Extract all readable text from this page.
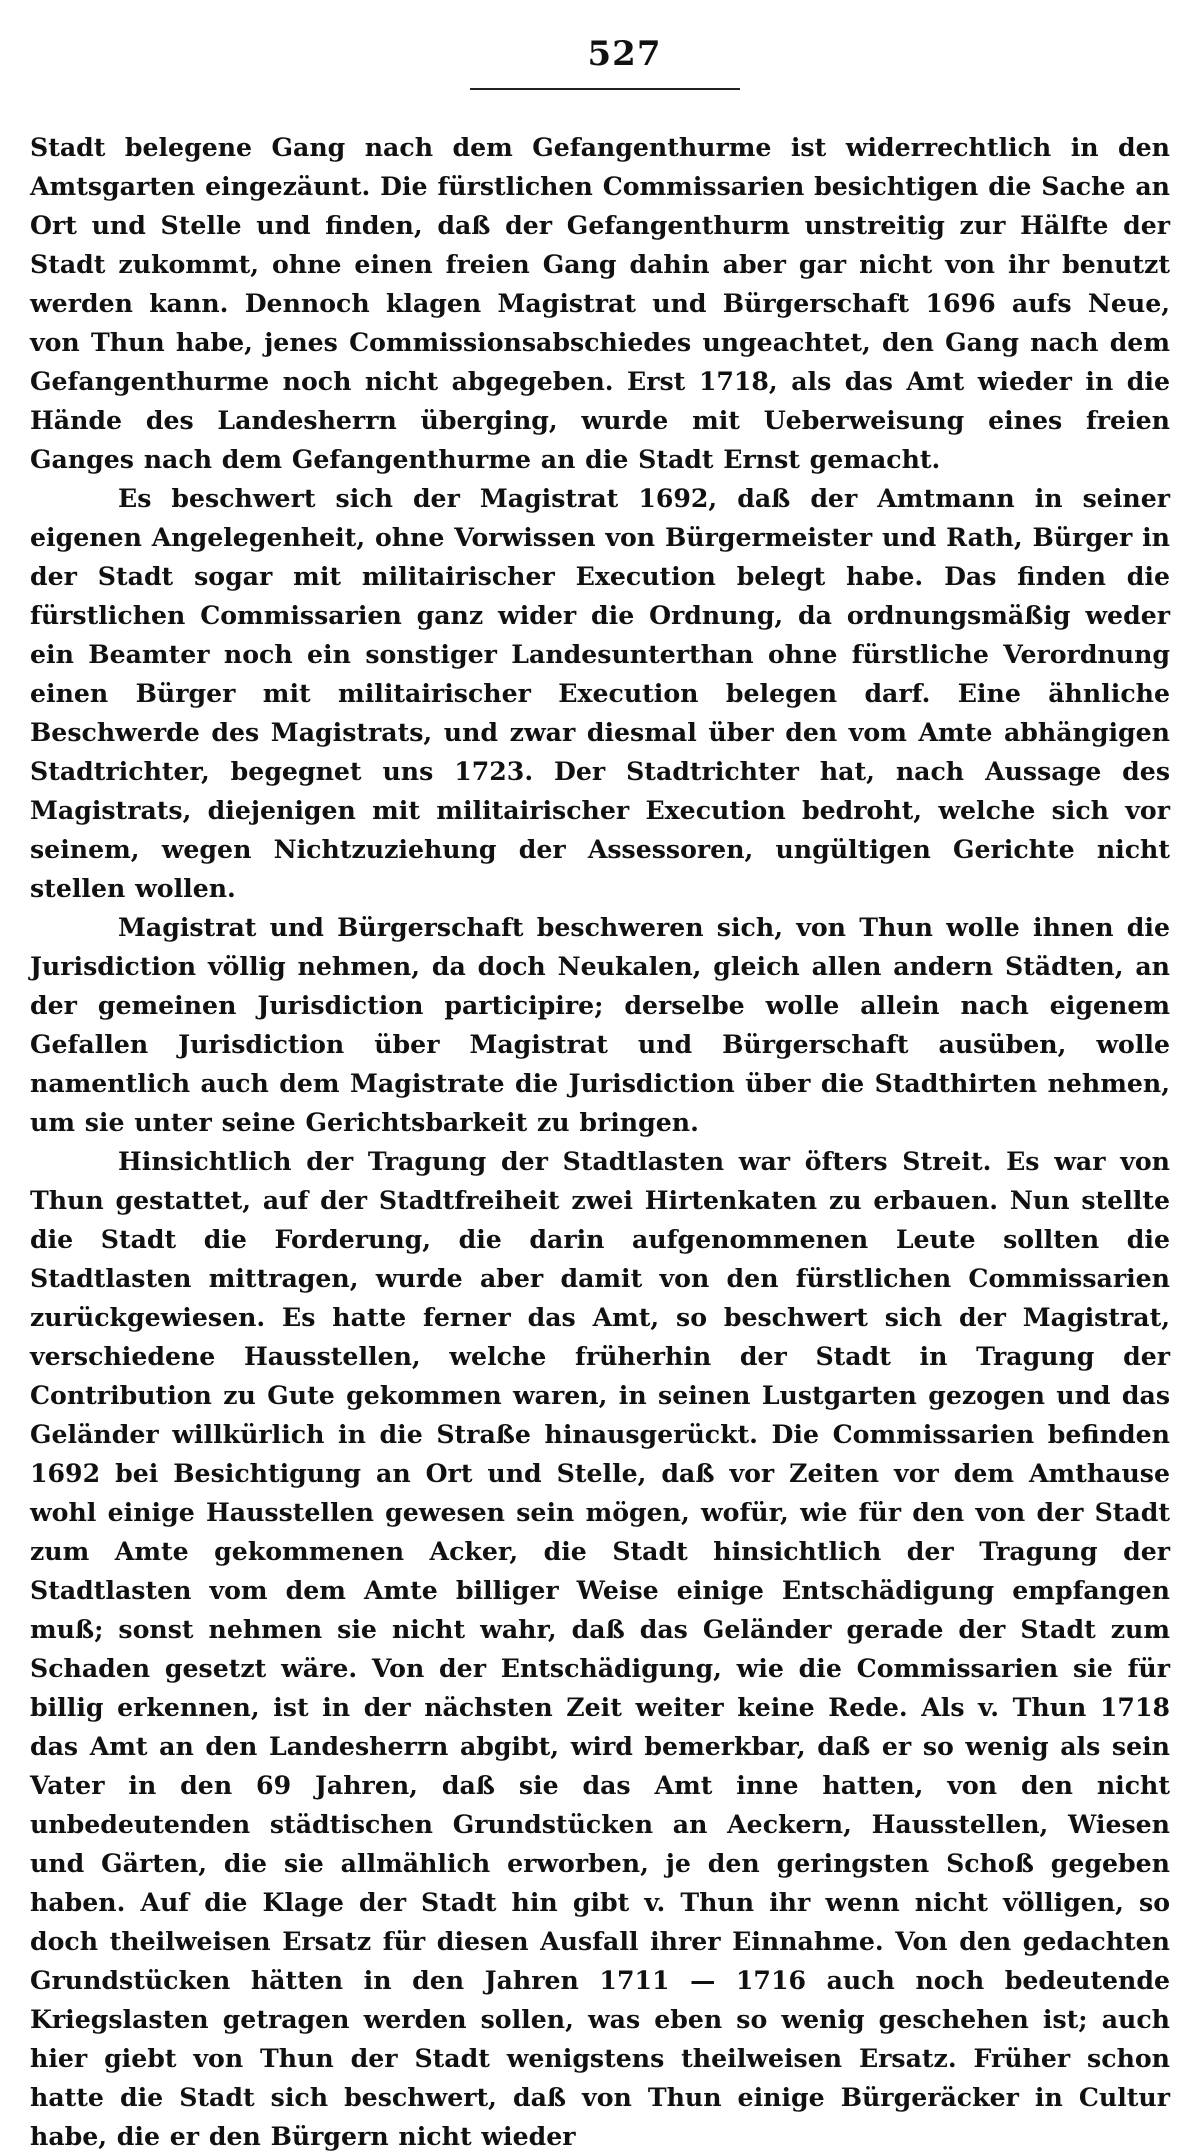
527

Stadt belegene Gang nach dem Gefangenthurme ist widerrechtlich in den Amtsgarten eingezäunt. Die fürstlichen Commissarien besichtigen die Sache an Ort und Stelle und finden, daß der Gefangenthurm unstreitig zur Hälfte der Stadt zukommt, ohne einen freien Gang dahin aber gar nicht von ihr benutzt werden kann. Dennoch klagen Magistrat und Bürgerschaft 1696 aufs Neue, von Thun habe, jenes Commissionsabschiedes ungeachtet, den Gang nach dem Gefangenthurme noch nicht abgegeben. Erst 1718, als das Amt wieder in die Hände des Landesherrn überging, wurde mit Ueberweisung eines freien Ganges nach dem Gefangenthurme an die Stadt Ernst gemacht.

Es beschwert sich der Magistrat 1692, daß der Amtmann in seiner eigenen Angelegenheit, ohne Vorwissen von Bürgermeister und Rath, Bürger in der Stadt sogar mit militairischer Execution belegt habe. Das finden die fürstlichen Commissarien ganz wider die Ordnung, da ordnungsmäßig weder ein Beamter noch ein sonstiger Landesunterthan ohne fürstliche Verordnung einen Bürger mit militairischer Execution belegen darf. Eine ähnliche Beschwerde des Magistrats, und zwar diesmal über den vom Amte abhängigen Stadtrichter, begegnet uns 1723. Der Stadtrichter hat, nach Aussage des Magistrats, diejenigen mit militairischer Execution bedroht, welche sich vor seinem, wegen Nichtzuziehung der Assessoren, ungültigen Gerichte nicht stellen wollen.

Magistrat und Bürgerschaft beschweren sich, von Thun wolle ihnen die Jurisdiction völlig nehmen, da doch Neukalen, gleich allen andern Städten, an der gemeinen Jurisdiction participire; derselbe wolle allein nach eigenem Gefallen Jurisdiction über Magistrat und Bürgerschaft ausüben, wolle namentlich auch dem Magistrate die Jurisdiction über die Stadthirten nehmen, um sie unter seine Gerichtsbarkeit zu bringen.

Hinsichtlich der Tragung der Stadtlasten war öfters Streit. Es war von Thun gestattet, auf der Stadtfreiheit zwei Hirtenkaten zu erbauen. Nun stellte die Stadt die Forderung, die darin aufgenommenen Leute sollten die Stadtlasten mittragen, wurde aber damit von den fürstlichen Commissarien zurückgewiesen. Es hatte ferner das Amt, so beschwert sich der Magistrat, verschiedene Hausstellen, welche früherhin der Stadt in Tragung der Contribution zu Gute gekommen waren, in seinen Lustgarten gezogen und das Geländer willkürlich in die Straße hinausgerückt. Die Commissarien befinden 1692 bei Besichtigung an Ort und Stelle, daß vor Zeiten vor dem Amthause wohl einige Hausstellen gewesen sein mögen, wofür, wie für den von der Stadt zum Amte gekommenen Acker, die Stadt hinsichtlich der Tragung der Stadtlasten vom dem Amte billiger Weise einige Entschädigung empfangen muß; sonst nehmen sie nicht wahr, daß das Geländer gerade der Stadt zum Schaden gesetzt wäre. Von der Entschädigung, wie die Commissarien sie für billig erkennen, ist in der nächsten Zeit weiter keine Rede. Als v. Thun 1718 das Amt an den Landesherrn abgibt, wird bemerkbar, daß er so wenig als sein Vater in den 69 Jahren, daß sie das Amt inne hatten, von den nicht unbedeutenden städtischen Grundstücken an Aeckern, Hausstellen, Wiesen und Gärten, die sie allmählich erworben, je den geringsten Schoß gegeben haben. Auf die Klage der Stadt hin gibt v. Thun ihr wenn nicht völligen, so doch theilweisen Ersatz für diesen Ausfall ihrer Einnahme. Von den gedachten Grundstücken hätten in den Jahren 1711 — 1716 auch noch bedeutende Kriegslasten getragen werden sollen, was eben so wenig geschehen ist; auch hier giebt von Thun der Stadt wenigstens theilweisen Ersatz. Früher schon hatte die Stadt sich beschwert, daß von Thun einige Bürgeräcker in Cultur habe, die er den Bürgern nicht wieder
